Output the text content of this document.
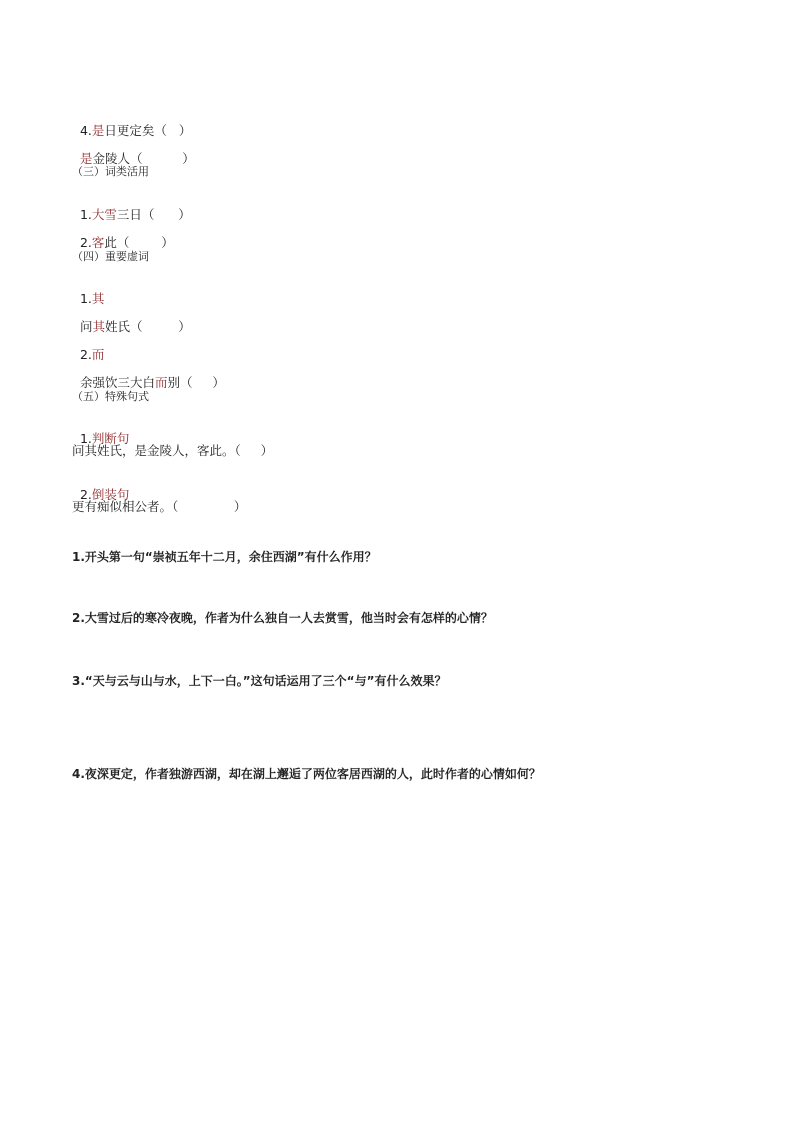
4.是日更定矣（   ）

是金陵人（          ）

（三）词类活用

1.大雪三日（      ）

2.客此（        ）

（四）重要虚词

1.其

问其姓氏（         ）

2.而

余强饮三大白而别（     ）

（五）特殊句式

1.判断句

问其姓氏，是金陵人，客此。（     ）

2.倒装句

更有痴似相公者。（              ）
1.开头第一句“崇祯五年十二月，余住西湖”有什么作用？
2.大雪过后的寒冷夜晚，作者为什么独自一人去赏雪，他当时会有怎样的心情？
3.“天与云与山与水，上下一白。”这句话运用了三个“与”有什么效果？
4.夜深更定，作者独游西湖，却在湖上邂逅了两位客居西湖的人，此时作者的心情如何？
